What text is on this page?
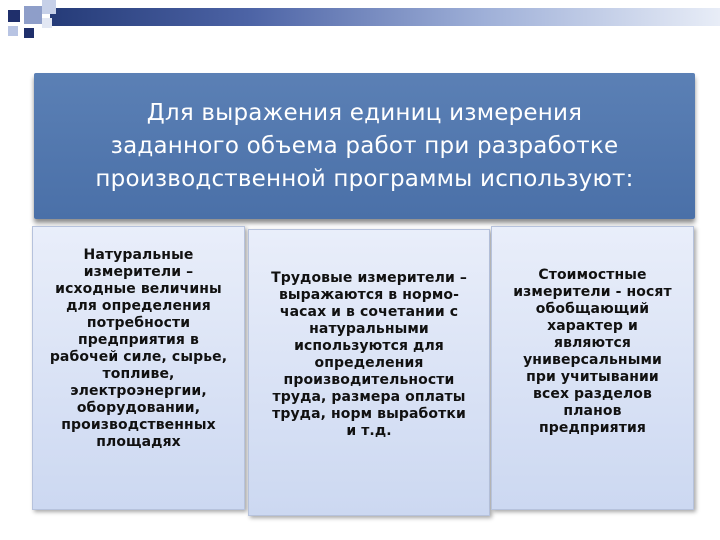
Для выражения единиц измерения
заданного объема работ при разработке
производственной программы используют:
Натуральные
измерители –
исходные величины
для определения
потребности
предприятия в
рабочей силе, сырье,
топливе,
электроэнергии,
оборудовании,
производственных
площадях
Трудовые измерители –
выражаются в нормо-
часах и в сочетании с
натуральными
используются для
определения
производительности
труда, размера оплаты
труда, норм выработки
и т.д.
Стоимостные
измерители - носят
обобщающий
характер и
являются
универсальными
при учитывании
всех разделов
планов
предприятия
